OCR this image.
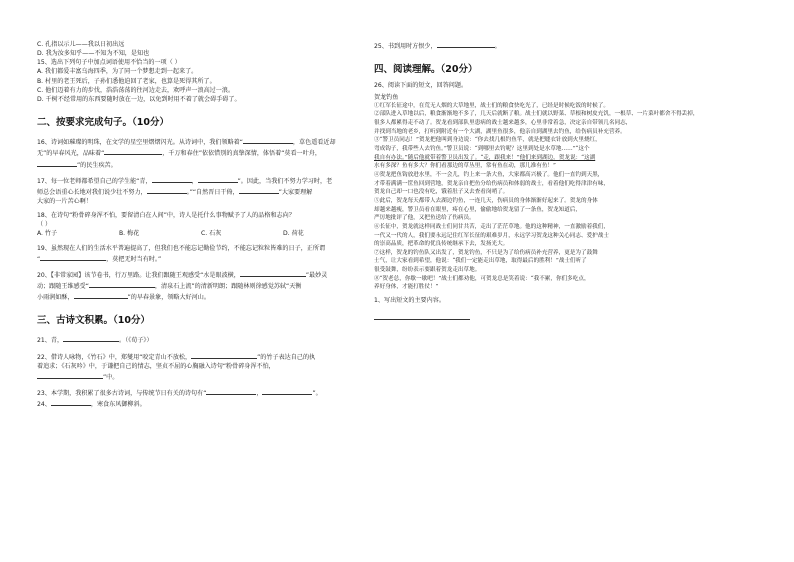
C. 孔指以示儿——我以日初出远

D. 我为汝多知乎——不知为不知，是知也

15、选出下列句子中加点词语使用不恰当的一项（ ）

A. 我们都爱丰富乌海四季，为了同一个梦想走到一起来了。

B. 村里的老王死后，子孙们悉他迫回了老家，也算是死得其所了。

C. 他们迈着有力的步伐，浩浩荡荡的往河边走去，欢呼声一浪高过一浪。

D. 千树不经常用的东西要随时放在一边，以免到时用不着了就会碍手碍了。

二、按要求完成句子。（10分）

16、诗词如璀璨的明珠，在文学的星空里熠熠闪光。从诗词中，我们领略着“	，草色遥看近却

无”的早春风光，品味着“	，千万和春住”依依惜别的真挚深情，体悟着“莫看一叶舟，

”的民生疾苦。

17、每一位老师都希望自己的学生能“青，	，	”。因此，当我们不努力学习时，老

师总会语重心长地对我们说少壮不努力，	。”“自然晋日干倚，	”大家要理解

大家的一片苦心啊！

18、在诗句“粉骨碎身浑不怕，要留清白在人间”中，诗人是托什么事物赋予了人的品格和志向？

（ ）

A. 竹子	B. 梅花	C. 石灰	D. 荷花

19、虽然现在人们的生活水平普遍提高了，但我们也不能忘记勤俭节约，不能忘记粒粒皆难的日子，正所谓

“	，莫把无时当有时。”

20、【非常家园】该节卷书，行万里路。让我们跟随王观感受“水是眼波横，	”最妙灵

动；跟随王维感受“	，清泉石上流”的清新明朗；跟随林则徐感觉苏轼“天衡

小雨润如酥，	”的早春景象，领略大好河山。

三、古诗文积累。（10分）

21、青，	。（《荀子》）

22、借诗人咏物，《竹石》中，郑燮用“咬定青山不放松，	”的竹子表达自己的执

着追求；《石灰吟》中，于谦把自己的情志，坚贞不屈的心胸融入诗句“粉骨碎身浑不怕，

”中。

23、本学期，我积累了很多古诗词，与传统节日有关的诗句有“	，	”。

24、	，寒食东风御柳斜。

25、书到用时方恨少，	。

四、阅读理解。（20分）

26、阅读下面的短文，回答问题。

贺龙钓鱼

①红军长征途中，在荒无人烟的大草地里，战士们的粮食快吃光了，已经是时候吃饭的时候了。

②部队进入草地以后，粮食渐渐地不多了，几天后就断了粮。战士们就以野菜、草根和树皮充饥，一根草、一片菜叶都舍不得丢掉，

很多人都累得走不动了。贺龙看到部队里患病的战士越来越多，心里非常着急，决定亲自带领几名同志，

并找到当地的老乡，打听到附近有一个大湖，湖里鱼很多，他亲自到湖里去钓鱼，给伤病员补充营养。

③“警卫员同志！”贺龙把他叫到身边说：“你去找几根钓鱼竿，就是把缝衣针放到火里烧红，

弯成钩子，我带些人去钓鱼。”警卫员说：“到哪里去钓呢？这里到处是水草地……”“这个

我自有办法。”随后他就带着警卫员出发了。“走，跟我来！”他们来到湖边，贺龙说：“这湖

水有多深？鱼有多大？你们看那边的草丛里，常有鱼在动，那儿准有鱼！”

④贺龙把鱼钩放进水里，不一会儿，钓上来一条大鱼，大家都高兴极了。他们一直钓到天黑，

才带着满满一筐鱼回到营地，贺龙亲自把鱼分给伤病员和体弱的战士，看着他们吃得津津有味，

贺龙自己却一口也没有吃，饿着肚子又去查看岗哨了。

⑤此后，贺龙每天都带人去湖边钓鱼，一连几天，伤病员的身体渐渐好起来了。贺龙的身体

却越来越瘦，警卫员看在眼里，疼在心里，偷偷地给贺龙留了一条鱼，贺龙知道后，

严厉地批评了他，又把鱼送给了伤病员。

⑥长征中，贺龙就这样同战士们同甘共苦，走出了茫茫草地。他的这种精神，一直激励着我们，

一代又一代的人，我们要永远记住红军长征的艰难岁月，永远学习贺龙这种关心同志、爱护战士

的崇高品质，把革命的优良传统继承下去，发扬光大。

⑦这样，贺龙的钓鱼队又出发了，贺龙钓鱼，不只是为了给伤病员补充营养，更是为了鼓舞

士气，让大家看到希望，他说：“我们一定能走出草地，取得最后的胜利！”战士们听了

很受鼓舞，纷纷表示要跟着贺龙走出草地。

⑧“贺老总，你歇一歇吧！”战士们都劝他，可贺龙总是笑着说：“我不累，你们多吃点，

养好身体，才能打胜仗！”

1、写出短文的主要内容。
